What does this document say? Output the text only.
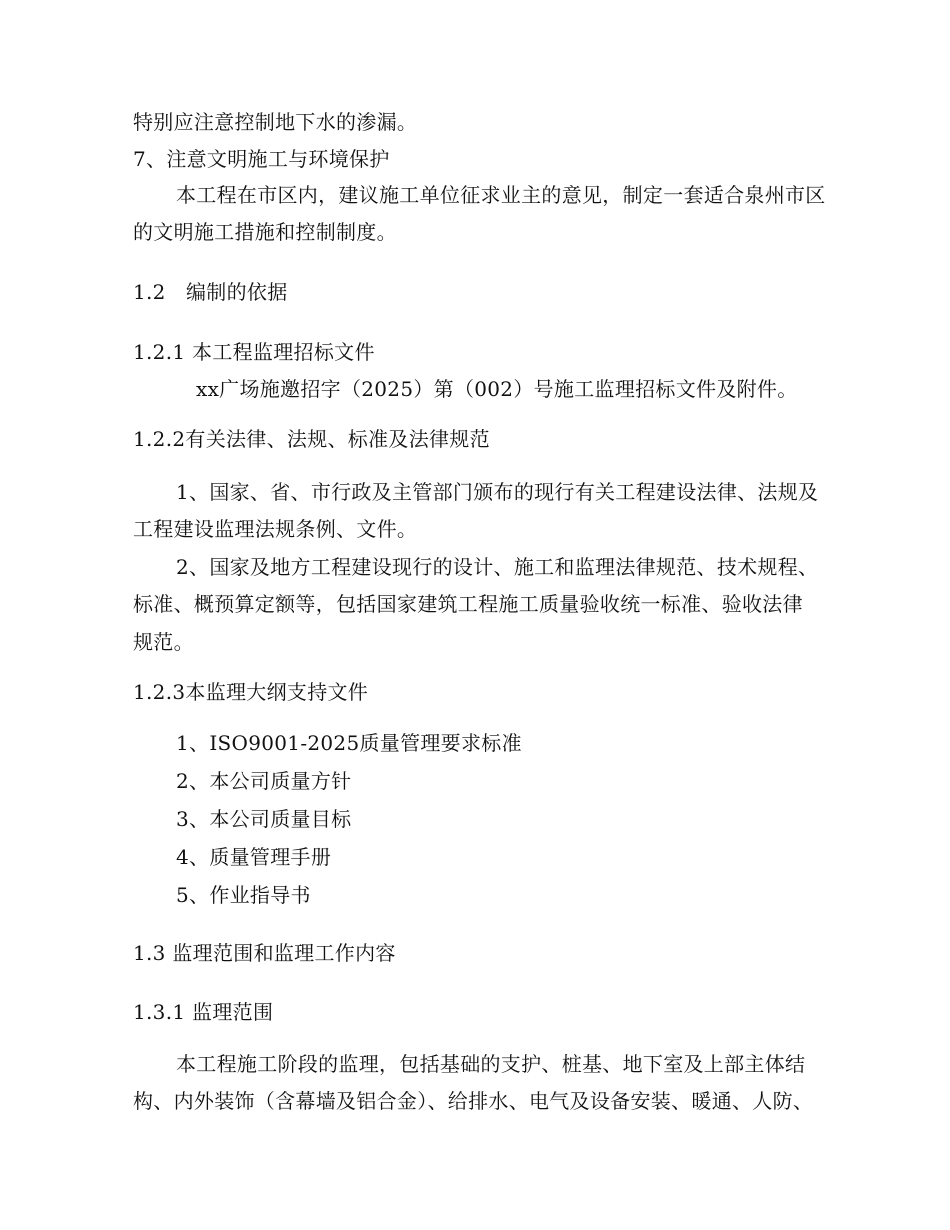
特别应注意控制地下水的渗漏。
7、注意文明施工与环境保护
本工程在市区内，建议施工单位征求业主的意见，制定一套适合泉州市区
的文明施工措施和控制制度。
1.2　编制的依据
1.2.1 本工程监理招标文件
xx广场施邀招字（2025）第（002）号施工监理招标文件及附件。
1.2.2有关法律、法规、标准及法律规范
1、国家、省、市行政及主管部门颁布的现行有关工程建设法律、法规及
工程建设监理法规条例、文件。
2、国家及地方工程建设现行的设计、施工和监理法律规范、技术规程、
标准、概预算定额等，包括国家建筑工程施工质量验收统一标准、验收法律
规范。
1.2.3本监理大纲支持文件
1、ISO9001-2025质量管理要求标准
2、本公司质量方针
3、本公司质量目标
4、质量管理手册
5、作业指导书
1.3 监理范围和监理工作内容
1.3.1 监理范围
本工程施工阶段的监理，包括基础的支护、桩基、地下室及上部主体结
构、内外装饰（含幕墙及铝合金）、给排水、电气及设备安装、暖通、人防、
